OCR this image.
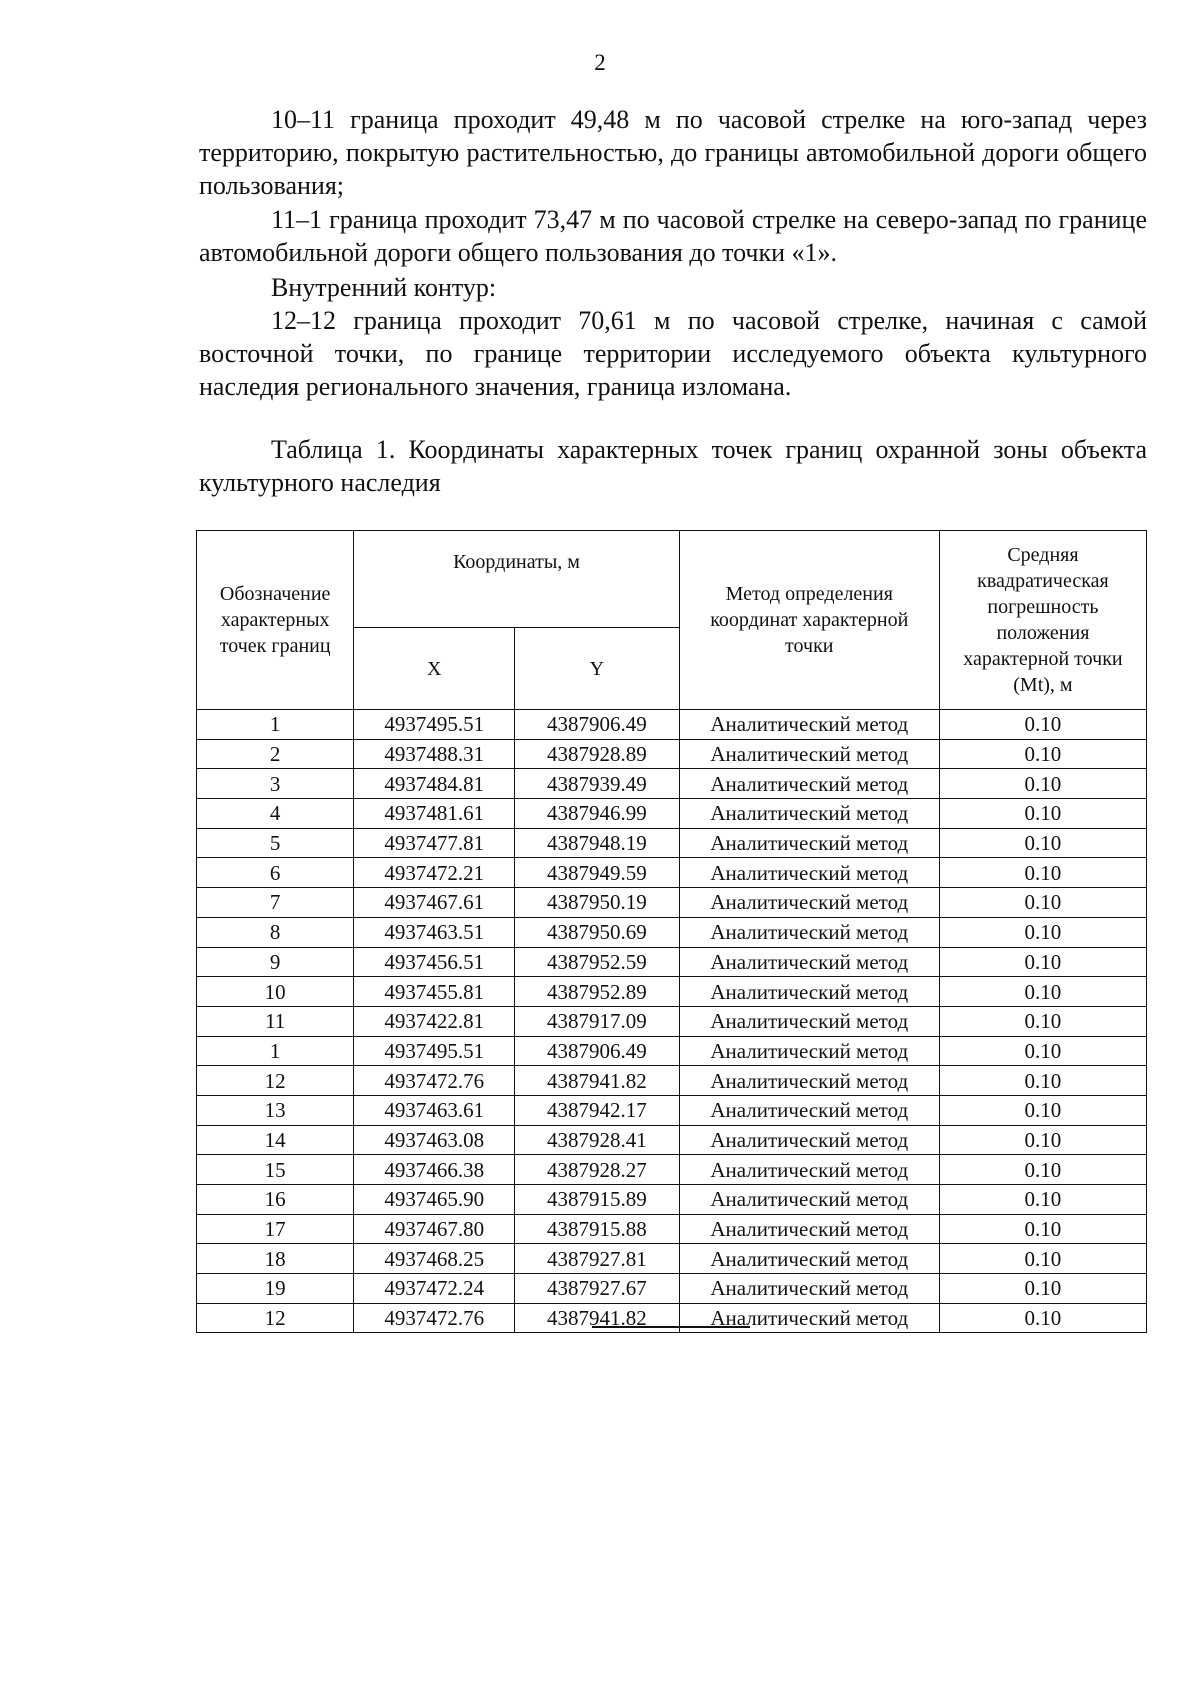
2

10–11 граница проходит 49,48 м по часовой стрелке на юго-запад через территорию, покрытую растительностью, до границы автомобильной дороги общего пользования;

11–1 граница проходит 73,47 м по часовой стрелке на северо-запад по границе автомобильной дороги общего пользования до точки «1».

Внутренний контур:

12–12 граница проходит 70,61 м по часовой стрелке, начиная с самой восточной точки, по границе территории исследуемого объекта культурного наследия регионального значения, граница изломана.

Таблица 1. Координаты характерных точек границ охранной зоны объекта культурного наследия

Обозначение характерных точек границ	Координаты, м		Метод определения координат характерной точки	Средняя квадратическая погрешность положения характерной точки (Mt), м
	X	Y		
1	4937495.51	4387906.49	Аналитический метод	0.10
2	4937488.31	4387928.89	Аналитический метод	0.10
3	4937484.81	4387939.49	Аналитический метод	0.10
4	4937481.61	4387946.99	Аналитический метод	0.10
5	4937477.81	4387948.19	Аналитический метод	0.10
6	4937472.21	4387949.59	Аналитический метод	0.10
7	4937467.61	4387950.19	Аналитический метод	0.10
8	4937463.51	4387950.69	Аналитический метод	0.10
9	4937456.51	4387952.59	Аналитический метод	0.10
10	4937455.81	4387952.89	Аналитический метод	0.10
11	4937422.81	4387917.09	Аналитический метод	0.10
1	4937495.51	4387906.49	Аналитический метод	0.10
12	4937472.76	4387941.82	Аналитический метод	0.10
13	4937463.61	4387942.17	Аналитический метод	0.10
14	4937463.08	4387928.41	Аналитический метод	0.10
15	4937466.38	4387928.27	Аналитический метод	0.10
16	4937465.90	4387915.89	Аналитический метод	0.10
17	4937467.80	4387915.88	Аналитический метод	0.10
18	4937468.25	4387927.81	Аналитический метод	0.10
19	4937472.24	4387927.67	Аналитический метод	0.10
12	4937472.76	4387941.82	Аналитический метод	0.10
